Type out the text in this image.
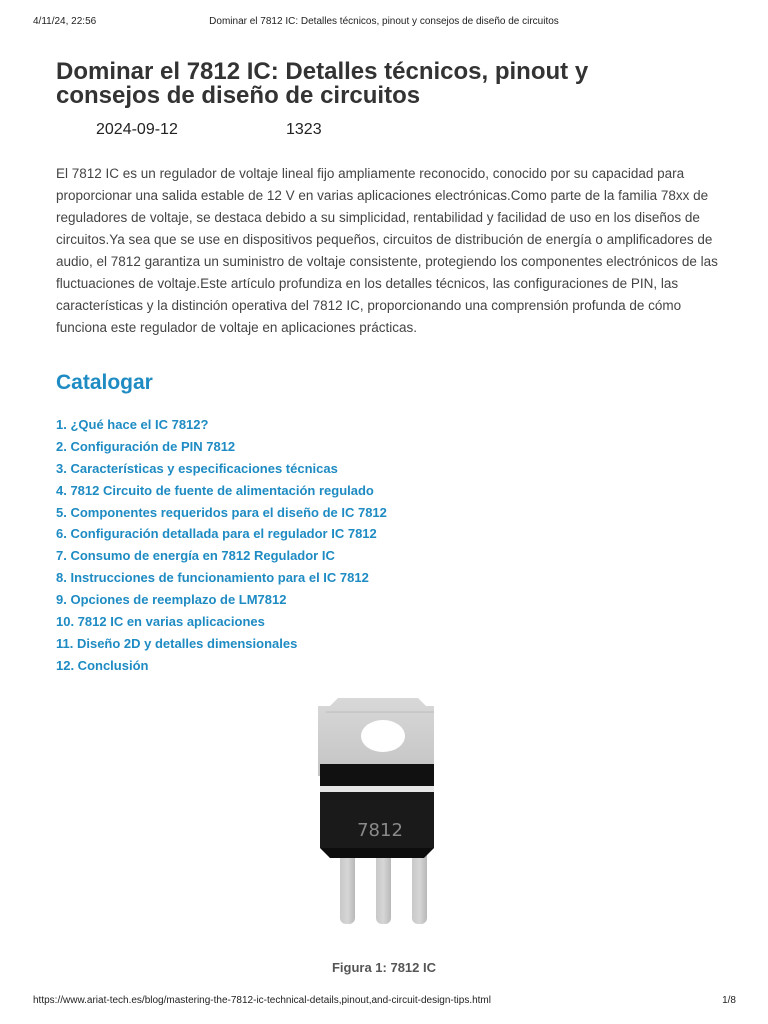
4/11/24, 22:56	Dominar el 7812 IC: Detalles técnicos, pinout y consejos de diseño de circuitos
Dominar el 7812 IC: Detalles técnicos, pinout y consejos de diseño de circuitos
2024-09-12	1323

El 7812 IC es un regulador de voltaje lineal fijo ampliamente reconocido, conocido por su capacidad para proporcionar una salida estable de 12 V en varias aplicaciones electrónicas.Como parte de la familia 78xx de reguladores de voltaje, se destaca debido a su simplicidad, rentabilidad y facilidad de uso en los diseños de circuitos.Ya sea que se use en dispositivos pequeños, circuitos de distribución de energía o amplificadores de audio, el 7812 garantiza un suministro de voltaje consistente, protegiendo los componentes electrónicos de las fluctuaciones de voltaje.Este artículo profundiza en los detalles técnicos, las configuraciones de PIN, las características y la distinción operativa del 7812 IC, proporcionando una comprensión profunda de cómo funciona este regulador de voltaje en aplicaciones prácticas.

Catalogar
1. ¿Qué hace el IC 7812?
2. Configuración de PIN 7812
3. Características y especificaciones técnicas
4. 7812 Circuito de fuente de alimentación regulado
5. Componentes requeridos para el diseño de IC 7812
6. Configuración detallada para el regulador IC 7812
7. Consumo de energía en 7812 Regulador IC
8. Instrucciones de funcionamiento para el IC 7812
9. Opciones de reemplazo de LM7812
10. 7812 IC en varias aplicaciones
11. Diseño 2D y detalles dimensionales
12. Conclusión
7812
Figura 1: 7812 IC
https://www.ariat-tech.es/blog/mastering-the-7812-ic-technical-details,pinout,and-circuit-design-tips.html	1/8
